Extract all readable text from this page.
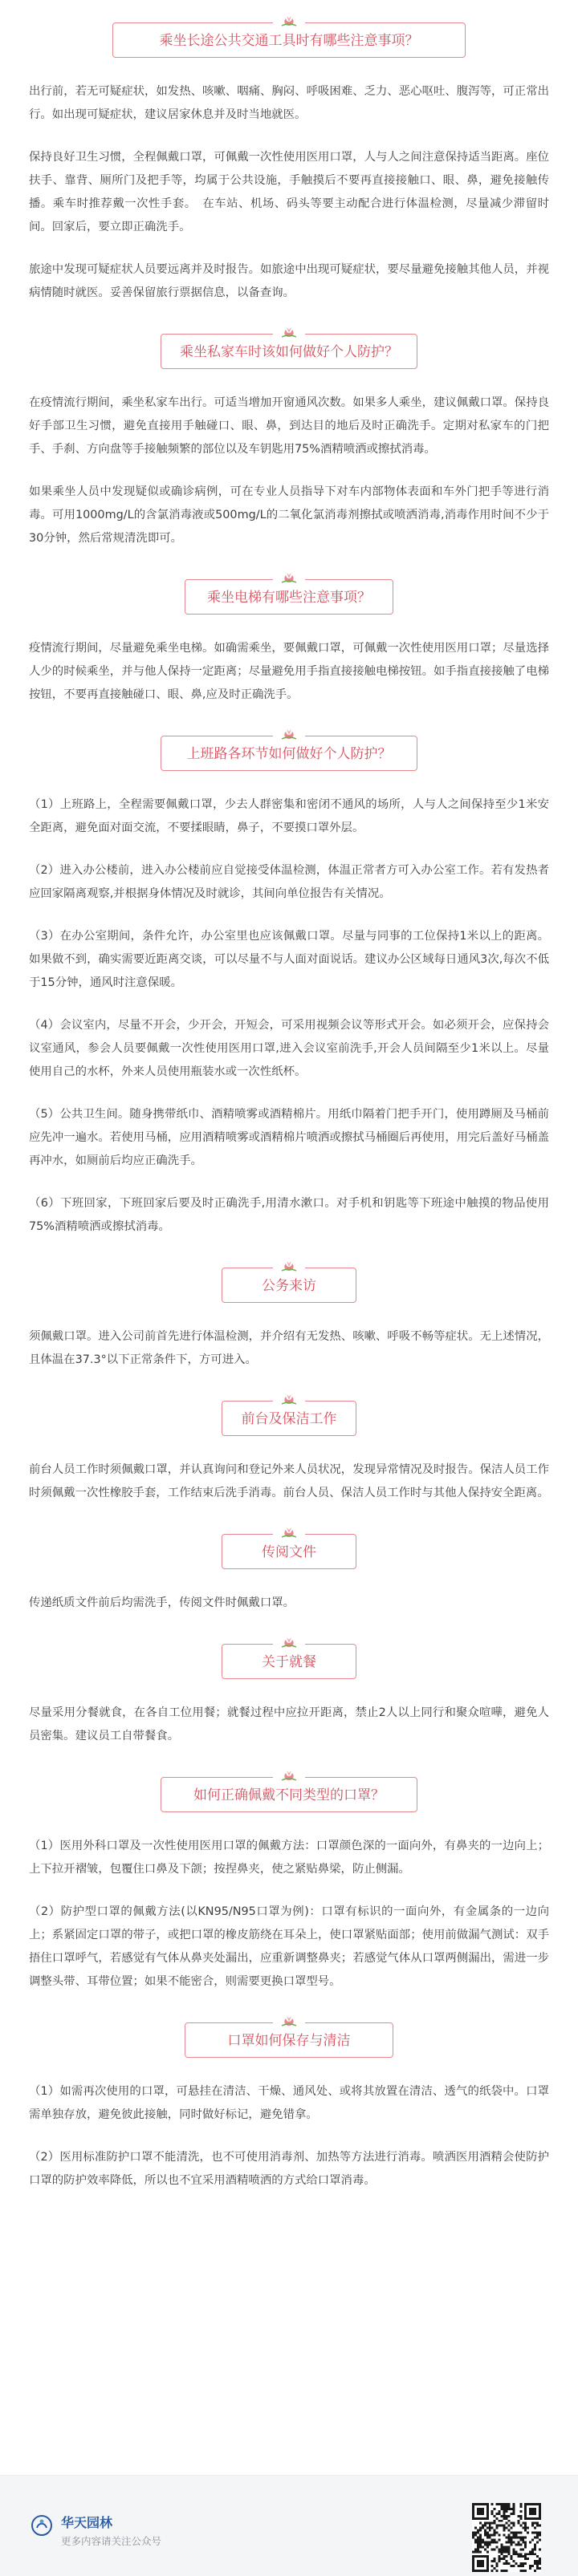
乘坐长途公共交通工具时有哪些注意事项？

出行前，若无可疑症状，如发热、咳嗽、咽痛、胸闷、呼吸困难、乏力、恶心呕吐、腹泻等，可正常出行。如出现可疑症状，建议居家休息并及时当地就医。

保持良好卫生习惯，全程佩戴口罩，可佩戴一次性使用医用口罩，人与人之间注意保持适当距离。座位扶手、靠背、厕所门及把手等，均属于公共设施，手触摸后不要再直接接触口、眼、鼻，避免接触传播。乘车时推荐戴一次性手套。　在车站、机场、码头等要主动配合进行体温检测，尽量减少滞留时间。回家后，要立即正确洗手。

旅途中发现可疑症状人员要远离并及时报告。如旅途中出现可疑症状，要尽量避免接触其他人员，并视病情随时就医。妥善保留旅行票据信息，以备查询。

乘坐私家车时该如何做好个人防护？

在疫情流行期间，乘坐私家车出行。可适当增加开窗通风次数。如果多人乘坐，建议佩戴口罩。保持良好手部卫生习惯，避免直接用手触碰口、眼、鼻，到达目的地后及时正确洗手。定期对私家车的门把手、手刹、方向盘等手接触频繁的部位以及车钥匙用75%酒精喷洒或擦拭消毒。

如果乘坐人员中发现疑似或确诊病例，可在专业人员指导下对车内部物体表面和车外门把手等进行消毒。可用1000mg/L的含氯消毒液或500mg/L的二氧化氯消毒剂擦拭或喷洒消毒,消毒作用时间不少于30分钟，然后常规清洗即可。

乘坐电梯有哪些注意事项？

疫情流行期间，尽量避免乘坐电梯。如确需乘坐，要佩戴口罩，可佩戴一次性使用医用口罩；尽量选择人少的时候乘坐，并与他人保持一定距离；尽量避免用手指直接接触电梯按钮。如手指直接接触了电梯按钮，不要再直接触碰口、眼、鼻,应及时正确洗手。

上班路各环节如何做好个人防护？

（1）上班路上，全程需要佩戴口罩，少去人群密集和密闭不通风的场所，人与人之间保持至少1米安全距离，避免面对面交流，不要揉眼睛，鼻子，不要摸口罩外层。

（2）进入办公楼前，进入办公楼前应自觉接受体温检测，体温正常者方可入办公室工作。若有发热者应回家隔离观察,并根据身体情况及时就诊，其间向单位报告有关情况。

（3）在办公室期间，条件允许，办公室里也应该佩戴口罩。尽量与同事的工位保持1米以上的距离。如果做不到，确实需要近距离交谈，可以尽量不与人面对面说话。建议办公区域每日通风3次,每次不低于15分钟，通风时注意保暖。

（4）会议室内，尽量不开会，少开会，开短会，可采用视频会议等形式开会。如必须开会，应保持会议室通风，参会人员要佩戴一次性使用医用口罩,进入会议室前洗手,开会人员间隔至少1米以上。尽量使用自己的水杯，外来人员使用瓶装水或一次性纸杯。

（5）公共卫生间。随身携带纸巾、酒精喷雾或酒精棉片。用纸巾隔着门把手开门，使用蹲厕及马桶前应先冲一遍水。若使用马桶，应用酒精喷雾或酒精棉片喷洒或擦拭马桶圈后再使用，用完后盖好马桶盖再冲水，如厕前后均应正确洗手。

（6）下班回家，下班回家后要及时正确洗手,用清水漱口。对手机和钥匙等下班途中触摸的物品使用75%酒精喷洒或擦拭消毒。

公务来访

须佩戴口罩。进入公司前首先进行体温检测，并介绍有无发热、咳嗽、呼吸不畅等症状。无上述情况，且体温在37.3°以下正常条件下，方可进入。

前台及保洁工作

前台人员工作时须佩戴口罩，并认真询问和登记外来人员状况，发现异常情况及时报告。保洁人员工作时须佩戴一次性橡胶手套，工作结束后洗手消毒。前台人员、保洁人员工作时与其他人保持安全距离。

传阅文件

传递纸质文件前后均需洗手，传阅文件时佩戴口罩。

关于就餐

尽量采用分餐就食，在各自工位用餐；就餐过程中应拉开距离，禁止2人以上同行和聚众喧嘩，避免人员密集。建议员工自带餐食。

如何正确佩戴不同类型的口罩？

（1）医用外科口罩及一次性使用医用口罩的佩戴方法：口罩颜色深的一面向外，有鼻夹的一边向上；上下拉开褶皱，包覆住口鼻及下颌；按捏鼻夹，使之紧贴鼻梁，防止侧漏。

（2）防护型口罩的佩戴方法(以KN95/N95口罩为例)：口罩有标识的一面向外，有金属条的一边向上；系紧固定口罩的带子，或把口罩的橡皮筋绕在耳朵上，使口罩紧贴面部；使用前做漏气测试：双手捂住口罩呼气，若感觉有气体从鼻夹处漏出，应重新调整鼻夹；若感觉气体从口罩两侧漏出，需进一步调整头带、耳带位置；如果不能密合，则需要更换口罩型号。

口罩如何保存与清洁

（1）如需再次使用的口罩，可悬挂在清洁、干燥、通风处、或将其放置在清洁、透气的纸袋中。口罩需单独存放，避免彼此接触，同时做好标记，避免错拿。

（2）医用标准防护口罩不能清洗，也不可使用消毒剂、加热等方法进行消毒。喷洒医用酒精会使防护口罩的防护效率降低，所以也不宜采用酒精喷洒的方式给口罩消毒。

华天园林
更多内容请关注公众号
